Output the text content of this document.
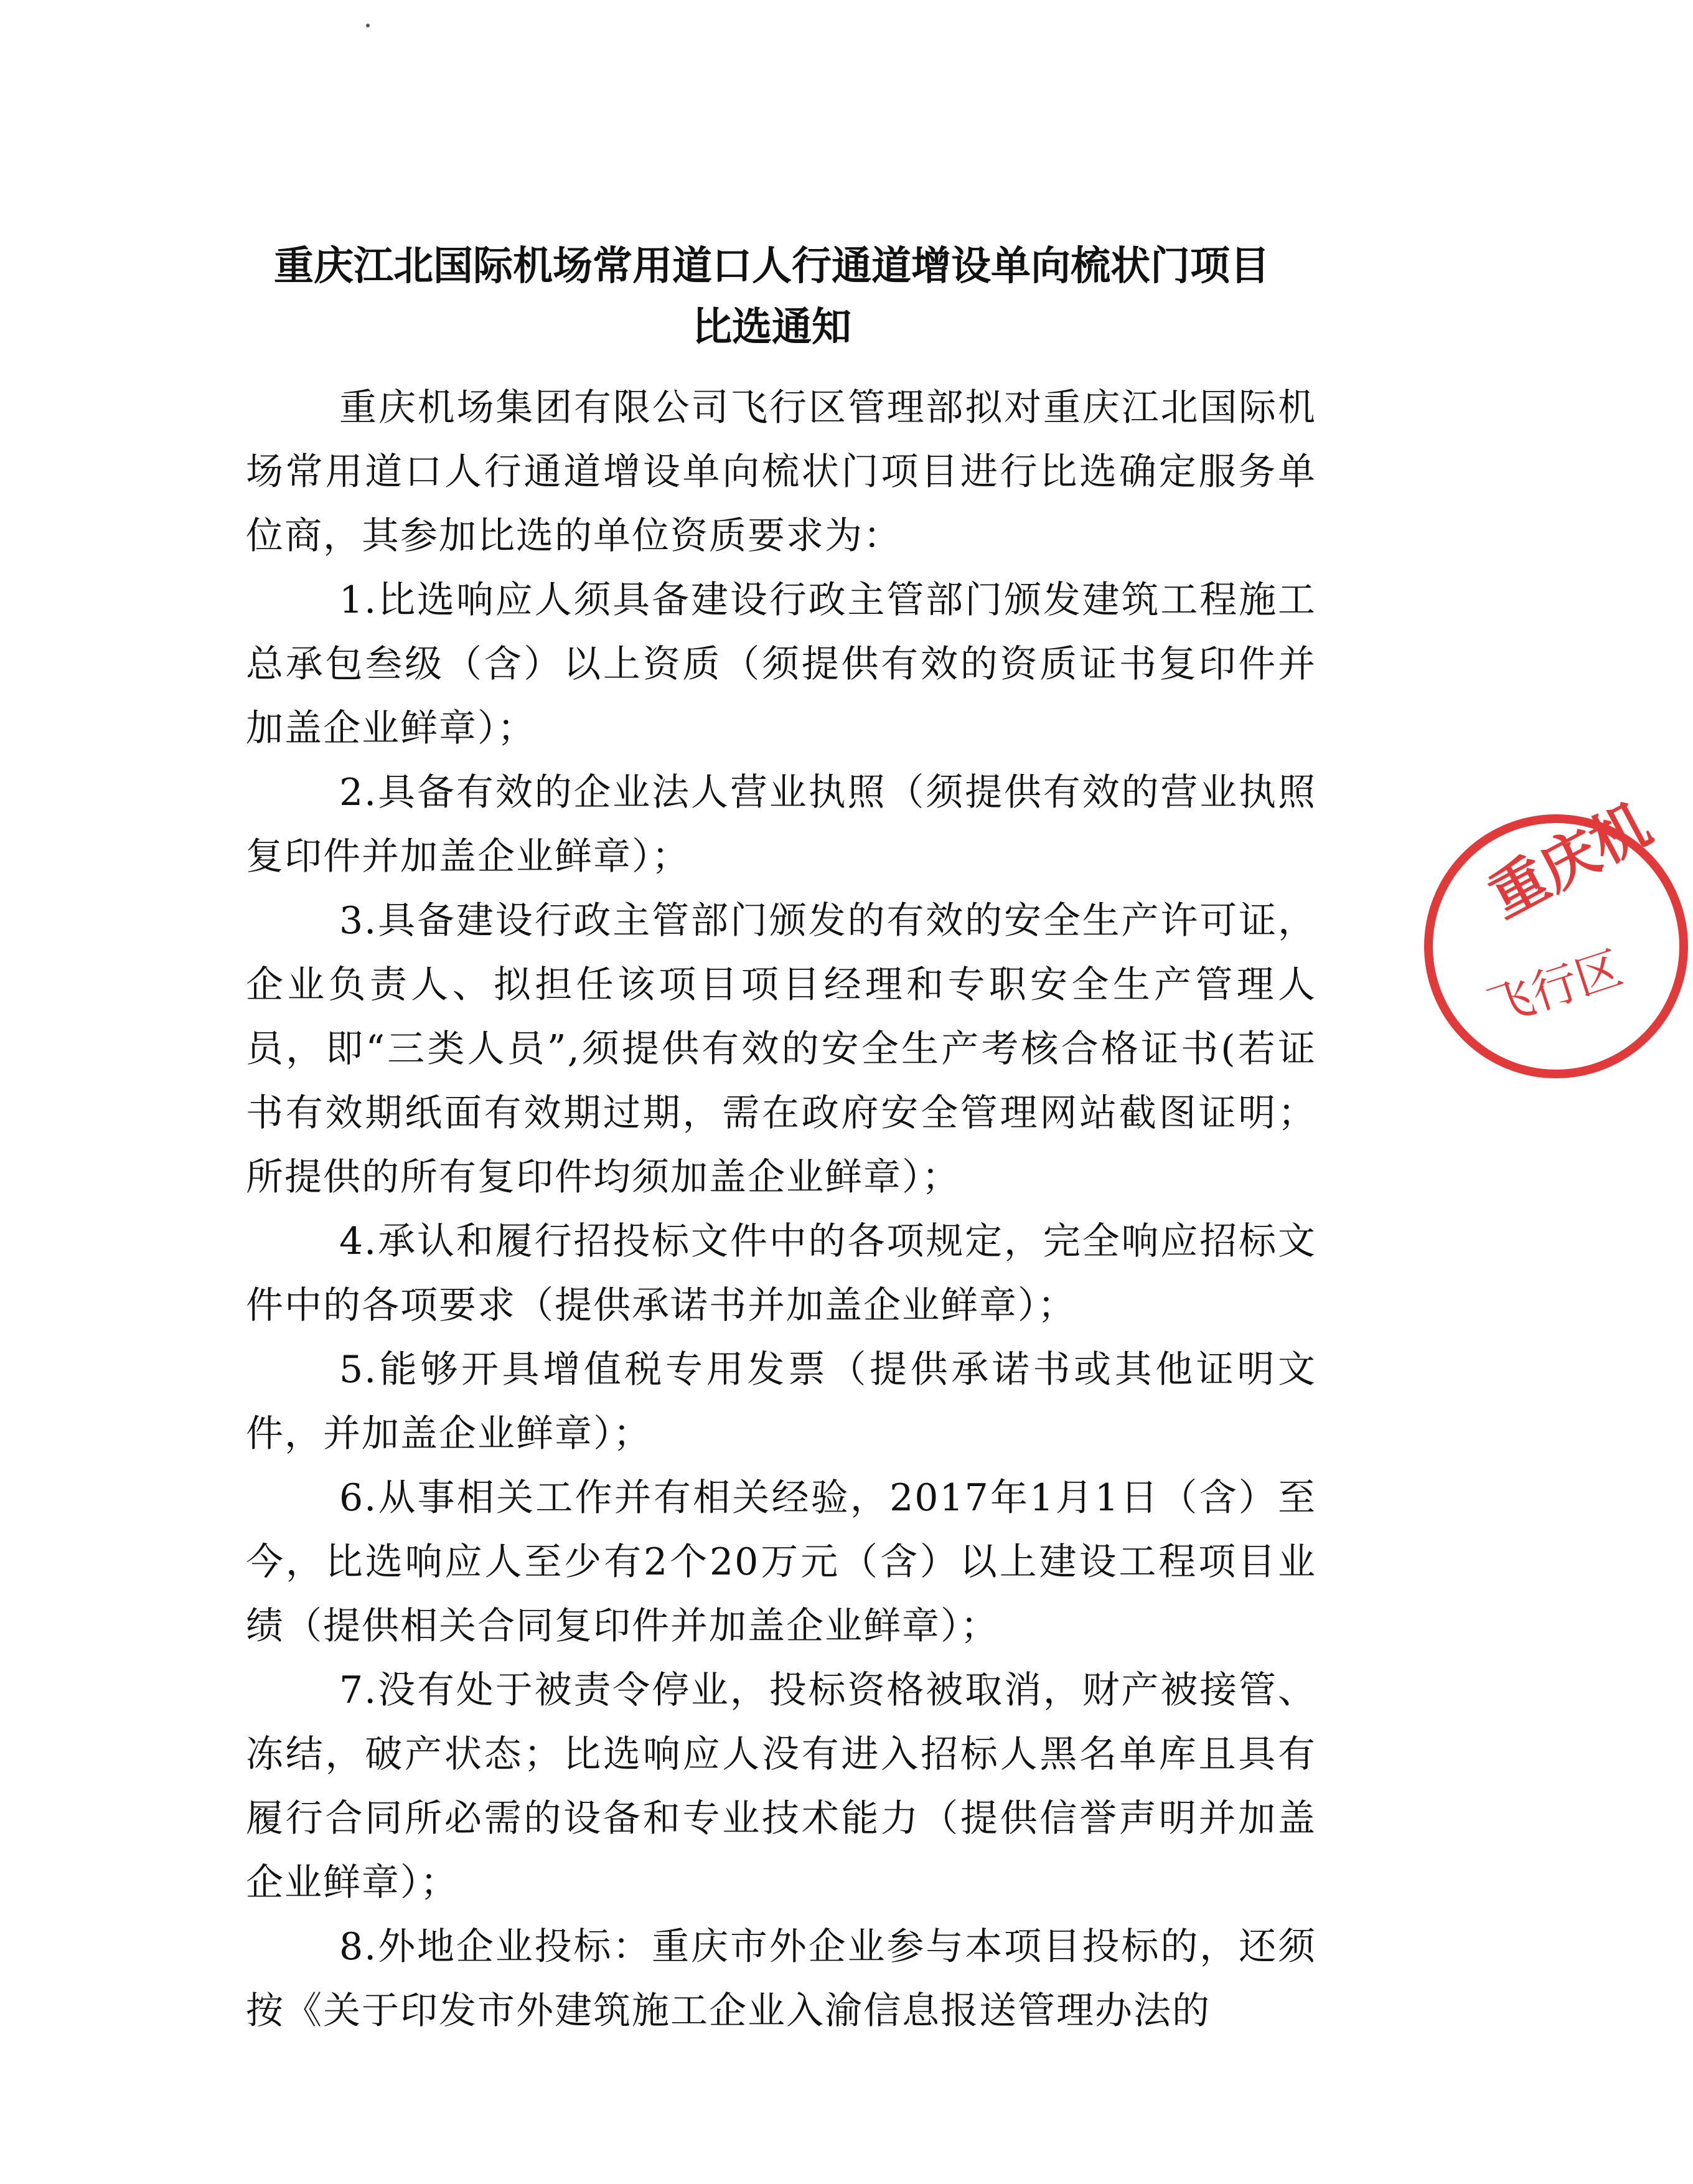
重庆江北国际机场常用道口人行通道增设单向梳状门项目
比选通知

重庆机场集团有限公司飞行区管理部拟对重庆江北国际机场常用道口人行通道增设单向梳状门项目进行比选确定服务单位商，其参加比选的单位资质要求为：

1.比选响应人须具备建设行政主管部门颁发建筑工程施工总承包叁级（含）以上资质（须提供有效的资质证书复印件并加盖企业鲜章）；

2.具备有效的企业法人营业执照（须提供有效的营业执照复印件并加盖企业鲜章）；

3.具备建设行政主管部门颁发的有效的安全生产许可证，企业负责人、拟担任该项目项目经理和专职安全生产管理人员，即“三类人员”,须提供有效的安全生产考核合格证书(若证书有效期纸面有效期过期，需在政府安全管理网站截图证明；所提供的所有复印件均须加盖企业鲜章）；

4.承认和履行招投标文件中的各项规定，完全响应招标文件中的各项要求（提供承诺书并加盖企业鲜章）；

5.能够开具增值税专用发票（提供承诺书或其他证明文件，并加盖企业鲜章）；

6.从事相关工作并有相关经验，2017年1月1日（含）至今，比选响应人至少有2个20万元（含）以上建设工程项目业绩（提供相关合同复印件并加盖企业鲜章）；

7.没有处于被责令停业，投标资格被取消，财产被接管、冻结，破产状态；比选响应人没有进入招标人黑名单库且具有履行合同所必需的设备和专业技术能力（提供信誉声明并加盖企业鲜章）；

8.外地企业投标：重庆市外企业参与本项目投标的，还须按《关于印发市外建筑施工企业入渝信息报送管理办法的

重庆机
飞行区
